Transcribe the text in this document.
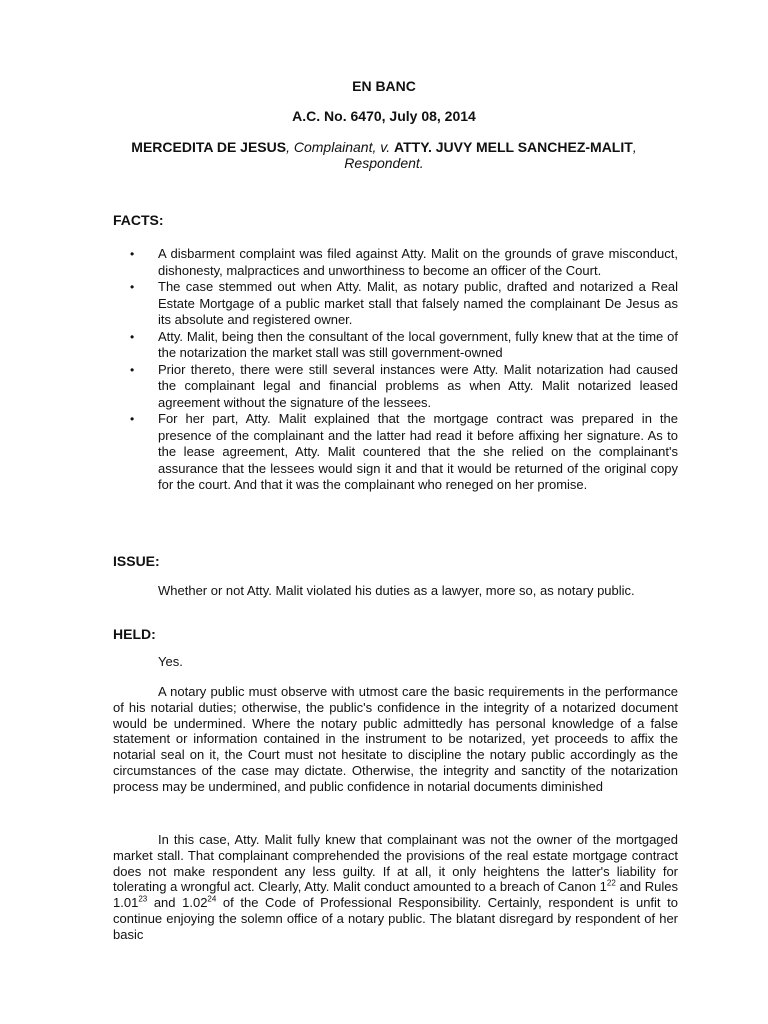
EN BANC
A.C. No. 6470, July 08, 2014
MERCEDITA DE JESUS, Complainant, v. ATTY. JUVY MELL SANCHEZ-MALIT, Respondent.
FACTS:
• A disbarment complaint was filed against Atty. Malit on the grounds of grave misconduct, dishonesty, malpractices and unworthiness to become an officer of the Court.
• The case stemmed out when Atty. Malit, as notary public, drafted and notarized a Real Estate Mortgage of a public market stall that falsely named the complainant De Jesus as its absolute and registered owner.
• Atty. Malit, being then the consultant of the local government, fully knew that at the time of the notarization the market stall was still government-owned
• Prior thereto, there were still several instances were Atty. Malit notarization had caused the complainant legal and financial problems as when Atty. Malit notarized leased agreement without the signature of the lessees.
• For her part, Atty. Malit explained that the mortgage contract was prepared in the presence of the complainant and the latter had read it before affixing her signature. As to the lease agreement, Atty. Malit countered that the she relied on the complainant's assurance that the lessees would sign it and that it would be returned of the original copy for the court. And that it was the complainant who reneged on her promise.
ISSUE:

Whether or not Atty. Malit violated his duties as a lawyer, more so, as notary public.

HELD:

Yes.

A notary public must observe with utmost care the basic requirements in the performance of his notarial duties; otherwise, the public's confidence in the integrity of a notarized document would be undermined. Where the notary public admittedly has personal knowledge of a false statement or information contained in the instrument to be notarized, yet proceeds to affix the notarial seal on it, the Court must not hesitate to discipline the notary public accordingly as the circumstances of the case may dictate. Otherwise, the integrity and sanctity of the notarization process may be undermined, and public confidence in notarial documents diminished

In this case, Atty. Malit fully knew that complainant was not the owner of the mortgaged market stall. That complainant comprehended the provisions of the real estate mortgage contract does not make respondent any less guilty. If at all, it only heightens the latter's liability for tolerating a wrongful act. Clearly, Atty. Malit conduct amounted to a breach of Canon $1^{22}$ and Rules 1.01$^{23}$ and 1.02$^{24}$ of the Code of Professional Responsibility. Certainly, respondent is unfit to continue enjoying the solemn office of a notary public. The blatant disregard by respondent of her basic
